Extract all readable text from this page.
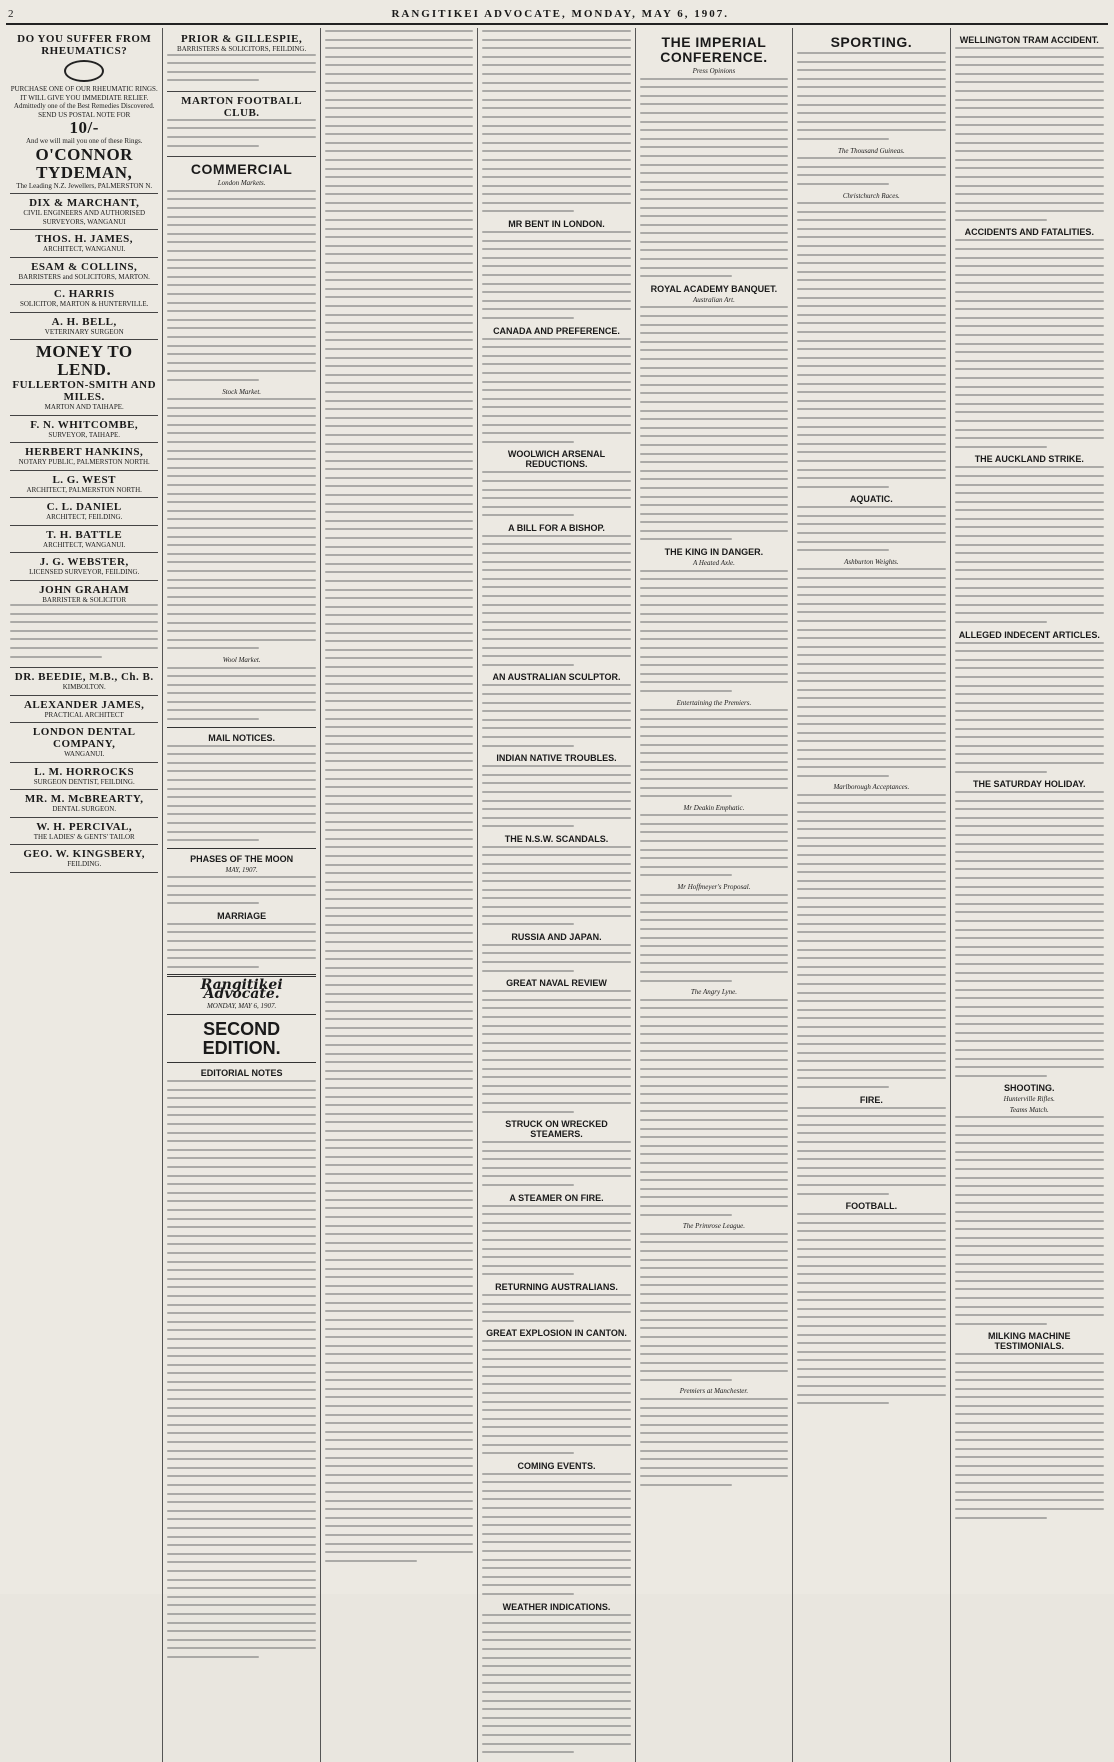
2	RANGITIKEI ADVOCATE, MONDAY, MAY 6, 1907.
DO YOU SUFFER FROM RHEUMATICS?
PURCHASE ONE OF OUR RHEUMATIC RINGS.
IT WILL GIVE YOU IMMEDIATE RELIEF.
Admittedly one of the Best Remedies Discovered.
SEND US POSTAL NOTE FOR
10/-
And we will mail you one of these Rings.
O'CONNOR
TYDEMAN,
The Leading N.Z. Jewellers, PALMERSTON N.
DIX & MARCHANT,
CIVIL ENGINEERS AND AUTHORISED SURVEYORS, WANGANUI
THOS. H. JAMES,
ARCHITECT, WANGANUI.
ESAM & COLLINS,
BARRISTERS and SOLICITORS, MARTON.
C. HARRIS
SOLICITOR, MARTON & HUNTERVILLE.
A. H. BELL,
VETERINARY SURGEON
MONEY TO LEND.
FULLERTON-SMITH AND MILES.
MARTON AND TAIHAPE.
F. N. WHITCOMBE,
SURVEYOR, TAIHAPE.
HERBERT HANKINS,
NOTARY PUBLIC, PALMERSTON NORTH.
L. G. WEST
ARCHITECT, PALMERSTON NORTH.
C. L. DANIEL
ARCHITECT, FEILDING.
T. H. BATTLE
ARCHITECT, WANGANUI.
J. G. WEBSTER,
LICENSED SURVEYOR, FEILDING.
JOHN GRAHAM
BARRISTER & SOLICITOR
DR. BEEDIE, M.B., Ch. B.
KIMBOLTON.
ALEXANDER JAMES,
PRACTICAL ARCHITECT
LONDON DENTAL COMPANY,
WANGANUI.
L. M. HORROCKS
SURGEON DENTIST, FEILDING.
MR. M. McBREARTY,
DENTAL SURGEON.
W. H. PERCIVAL,
THE LADIES' & GENTS' TAILOR
GEO. W. KINGSBERY,
FEILDING.
PRIOR & GILLESPIE,
BARRISTERS & SOLICITORS, FEILDING.
MARTON FOOTBALL CLUB.
COMMERCIAL
London Markets.
Stock Market.
Wool Market.
MAIL NOTICES.
PHASES OF THE MOON
MAY, 1907.
MARRIAGE
Rangitikei Advocate.
MONDAY, MAY 6, 1907.
SECOND EDITION.
EDITORIAL NOTES
MR BENT IN LONDON.
CANADA AND PREFERENCE.
WOOLWICH ARSENAL REDUCTIONS.
A BILL FOR A BISHOP.
AN AUSTRALIAN SCULPTOR.
INDIAN NATIVE TROUBLES.
THE N.S.W. SCANDALS.
RUSSIA AND JAPAN.
GREAT NAVAL REVIEW
STRUCK ON WRECKED STEAMERS.
A STEAMER ON FIRE.
RETURNING AUSTRALIANS.
GREAT EXPLOSION IN CANTON.
COMING EVENTS.
WEATHER INDICATIONS.
THE IMPERIAL CONFERENCE.
Press Opinions
ROYAL ACADEMY BANQUET.
Australian Art.
THE KING IN DANGER.
A Heated Axle.
Entertaining the Premiers.
Mr Deakin Emphatic.
Mr Hoffmeyer's Proposal.
The Angry Lyne.
The Primrose League.
Premiers at Manchester.
SPORTING.
The Thousand Guineas.
Christchurch Races.
AQUATIC.
Ashburton Weights.
Marlborough Acceptances.
FIRE.
FOOTBALL.
WELLINGTON TRAM ACCIDENT.
ACCIDENTS AND FATALITIES.
THE AUCKLAND STRIKE.
ALLEGED INDECENT ARTICLES.
THE SATURDAY HOLIDAY.
SHOOTING.
Hunterville Rifles.
Teams Match.
MILKING MACHINE TESTIMONIALS.
